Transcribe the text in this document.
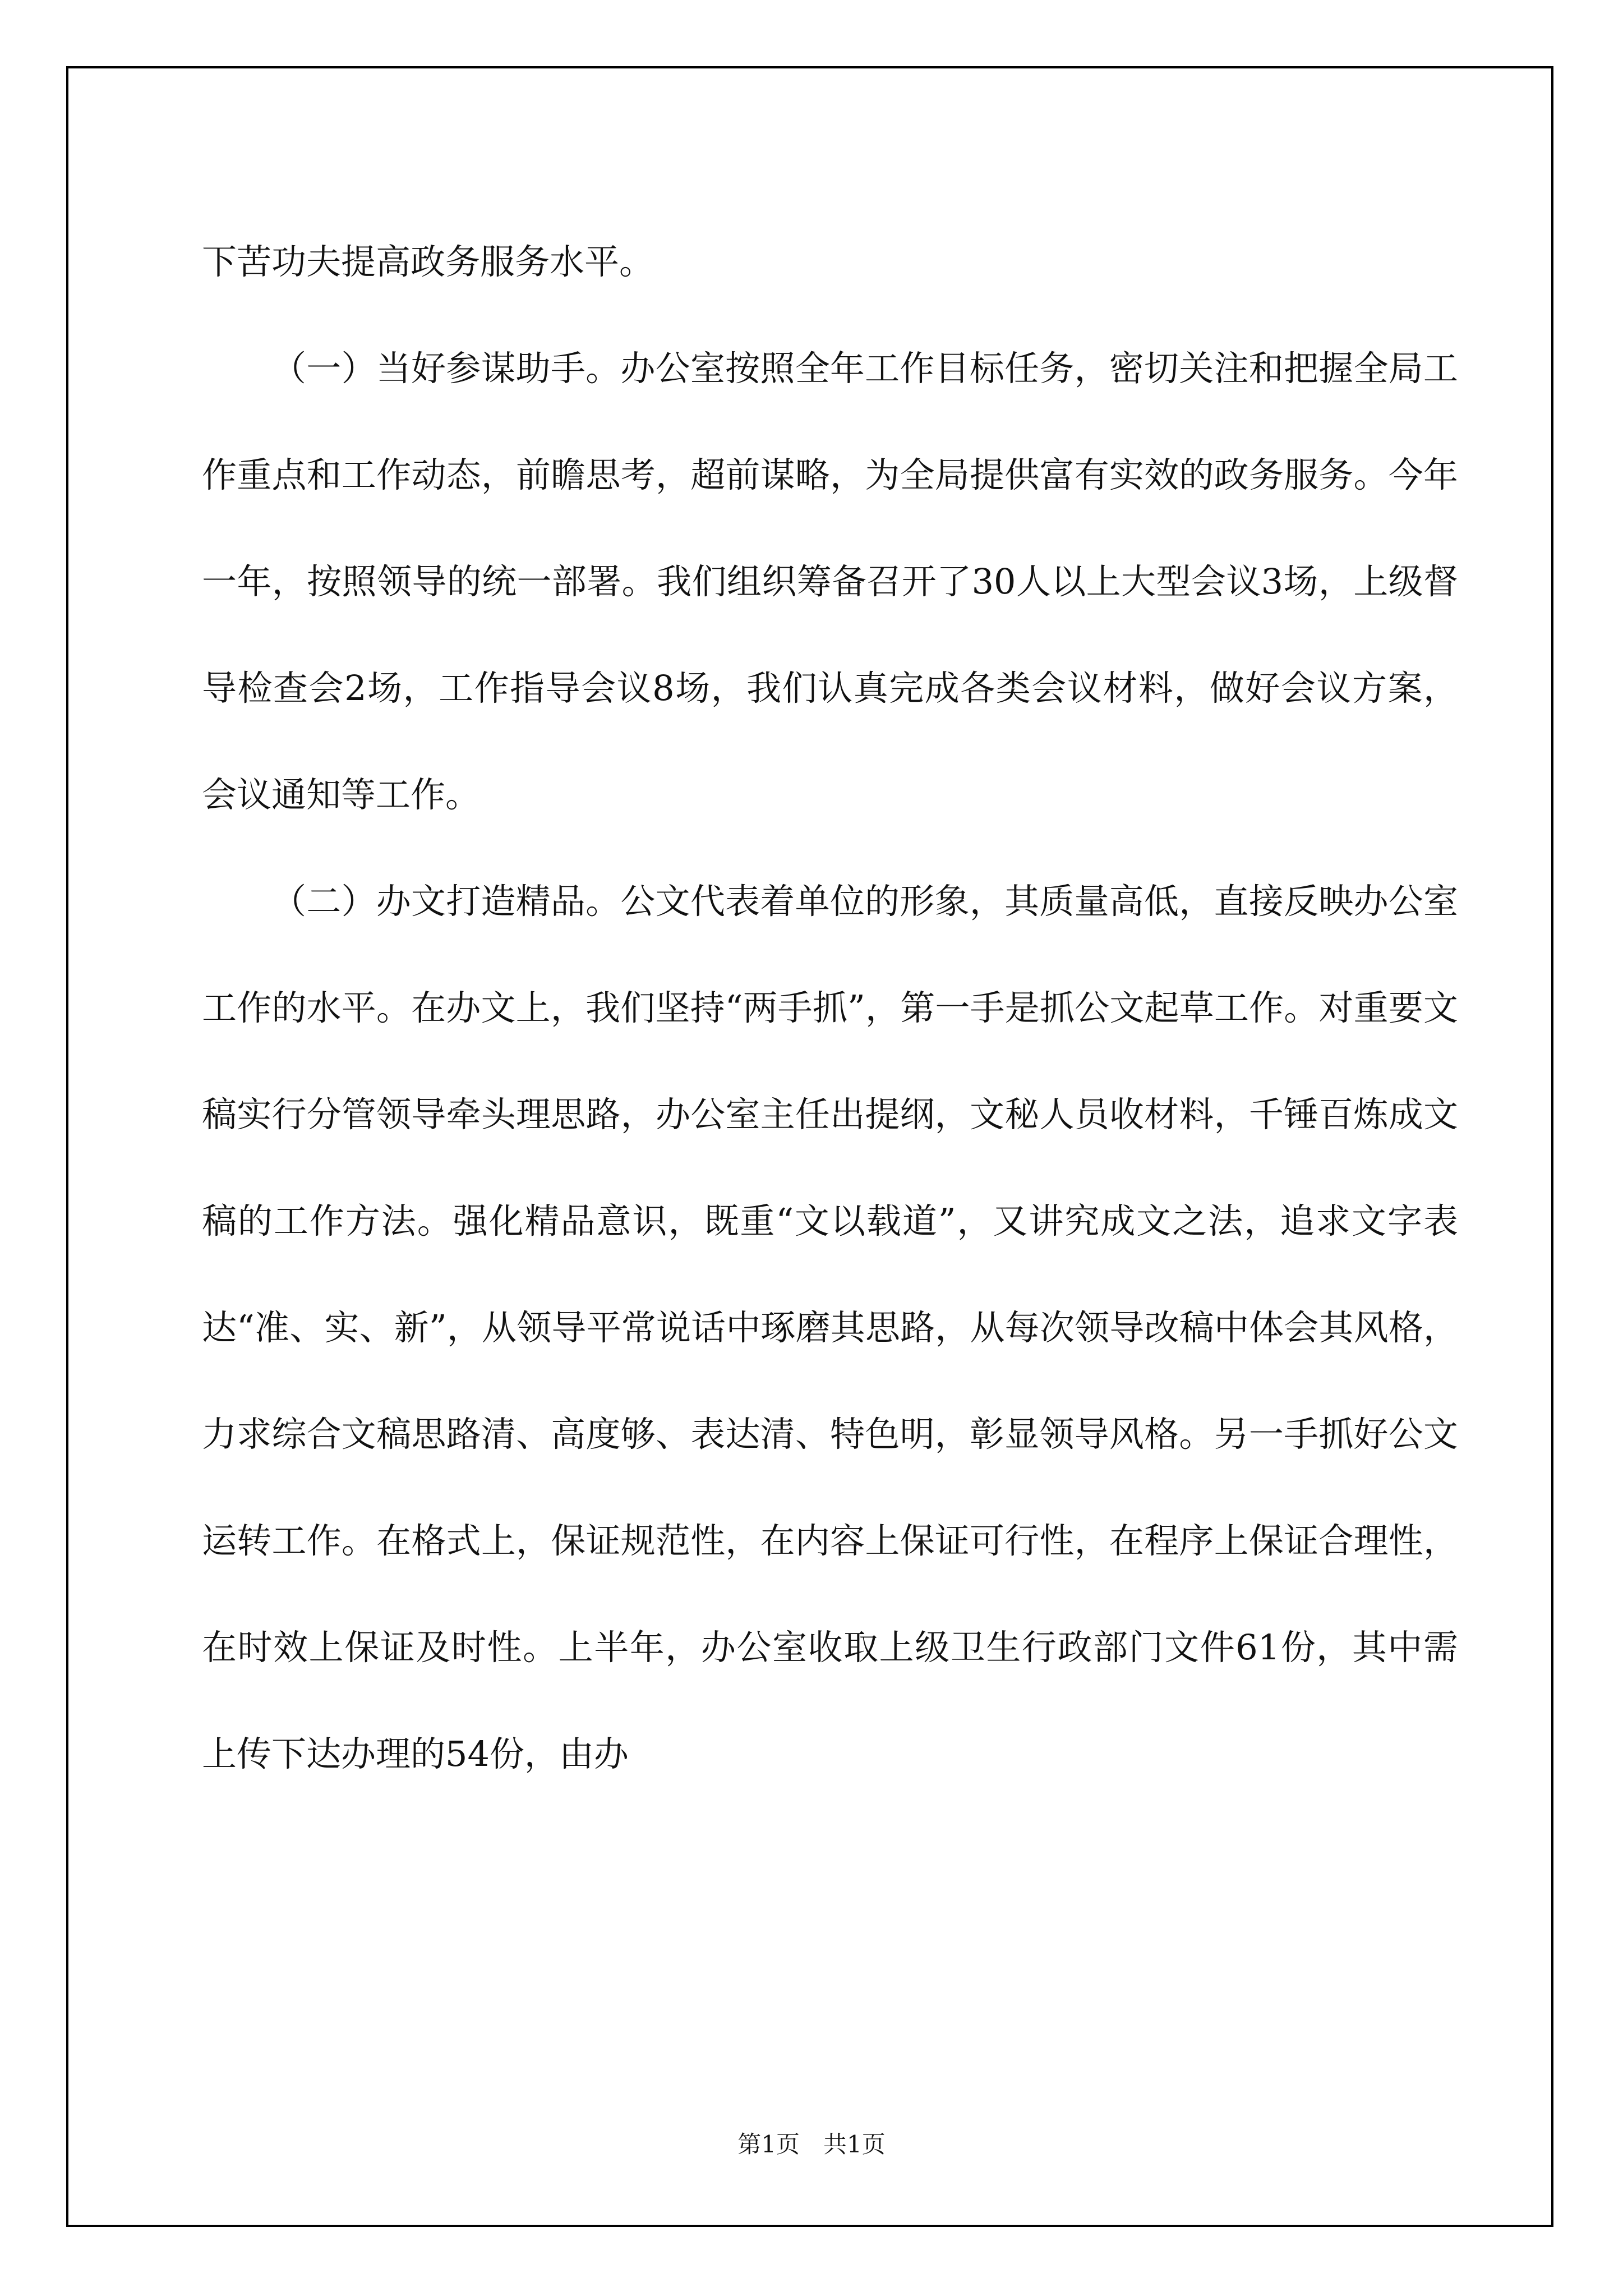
下苦功夫提高政务服务水平。

（一）当好参谋助手。办公室按照全年工作目标任务，密切关注和把握全局工作重点和工作动态，前瞻思考，超前谋略，为全局提供富有实效的政务服务。今年一年，按照领导的统一部署。我们组织筹备召开了30人以上大型会议3场，上级督导检查会2场，工作指导会议8场，我们认真完成各类会议材料，做好会议方案，会议通知等工作。

（二）办文打造精品。公文代表着单位的形象，其质量高低，直接反映办公室工作的水平。在办文上，我们坚持“两手抓”，第一手是抓公文起草工作。对重要文稿实行分管领导牵头理思路，办公室主任出提纲，文秘人员收材料，千锤百炼成文稿的工作方法。强化精品意识，既重“文以载道”，又讲究成文之法，追求文字表达“准、实、新”，从领导平常说话中琢磨其思路，从每次领导改稿中体会其风格，力求综合文稿思路清、高度够、表达清、特色明，彰显领导风格。另一手抓好公文运转工作。在格式上，保证规范性，在内容上保证可行性，在程序上保证合理性，在时效上保证及时性。上半年，办公室收取上级卫生行政部门文件61份，其中需上传下达办理的54份，由办

第1页　共1页
